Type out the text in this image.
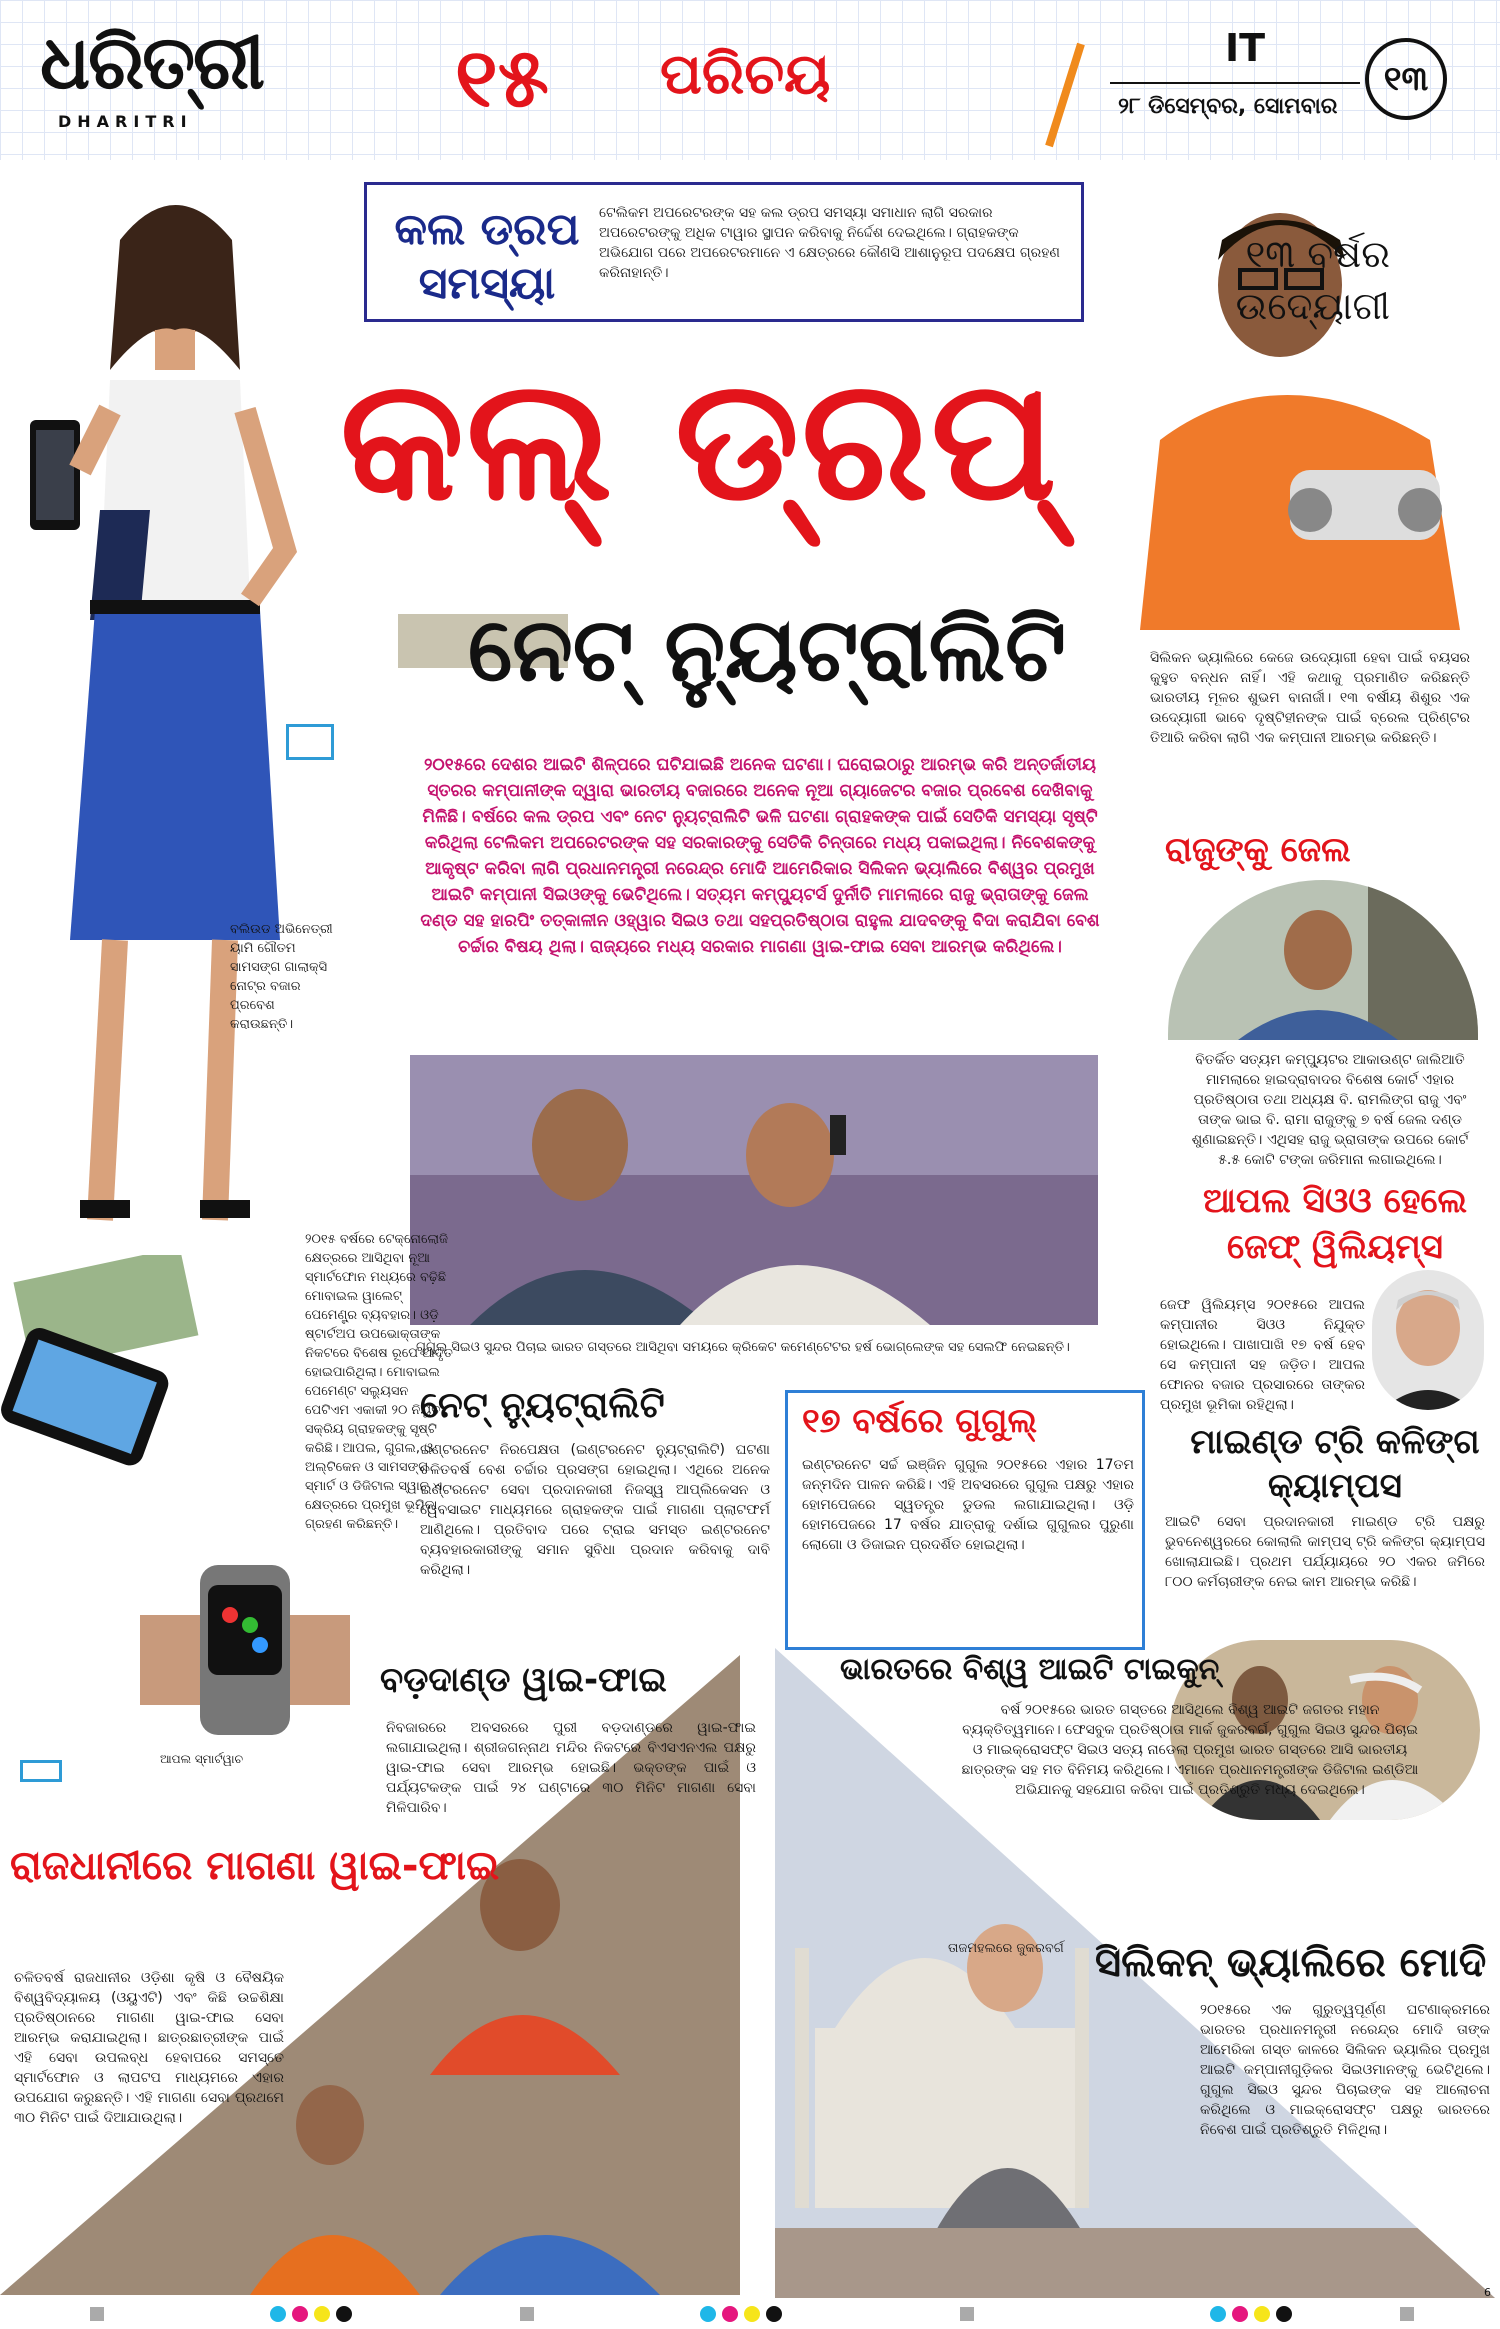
ଧରିତ୍ରୀ
DHARITRI	୧୫ ପରିଚୟ	IT
୨୮ ଡିସେମ୍ବର, ସୋମବାର
୧୩
କଲ ଡ୍ରପ ସମସ୍ୟା
ଟେଲିକମ ଅପରେଟରଙ୍କ ସହ କଲ ଡ୍ରପ ସମସ୍ୟା ସମାଧାନ ଲାଗି ସରକାର ଅପରେଟରଙ୍କୁ ଅଧିକ ଟାୱାର ସ୍ଥାପନ କରିବାକୁ ନିର୍ଦ୍ଦେଶ ଦେଇଥିଲେ। ଗ୍ରାହକଙ୍କ ଅଭିଯୋଗ ପରେ ଅପରେଟରମାନେ ଏ କ୍ଷେତ୍ରରେ କୌଣସି ଆଶାନୁରୂପ ପଦକ୍ଷେପ ଗ୍ରହଣ କରିନାହାନ୍ତି।
ବଲିଉଡ ଅଭିନେତ୍ରୀ ୟାମି ଗୌତମ ସାମସଙ୍ଗ ଗାଲାକ୍ସି ନୋଟ୍‌ର ବଜାର ପ୍ରବେଶ କରାଉଛନ୍ତି।
କଲ୍ ଡ୍ରପ୍
ନେଟ୍ ନ୍ୟୁଟ୍ରାଲିଟି
୨୦୧୫ରେ ଦେଶର ଆଇଟି ଶିଳ୍ପରେ ଘଟିଯାଇଛି ଅନେକ ଘଟଣା। ଘରୋଇଠାରୁ ଆରମ୍ଭ କରି ଅନ୍ତର୍ଜାତୀୟ ସ୍ତରର କମ୍ପାନୀଙ୍କ ଦ୍ୱାରା ଭାରତୀୟ ବଜାରରେ ଅନେକ ନୂଆ ଗ୍ୟାଜେଟର ବଜାର ପ୍ରବେଶ ଦେଖିବାକୁ ମିଳିଛି। ବର୍ଷରେ କଲ ଡ୍ରପ ଏବଂ ନେଟ ନ୍ୟୁଟ୍ରାଲିଟି ଭଳି ଘଟଣା ଗ୍ରାହକଙ୍କ ପାଇଁ ସେତିକି ସମସ୍ୟା ସୃଷ୍ଟି କରିଥିଲା ଟେଲିକମ ଅପରେଟରଙ୍କ ସହ ସରକାରଙ୍କୁ ସେତିକି ଚିନ୍ତାରେ ମଧ୍ୟ ପକାଇଥିଲା। ନିବେଶକଙ୍କୁ ଆକୃଷ୍ଟ କରିବା ଲାଗି ପ୍ରଧାନମନ୍ତ୍ରୀ ନରେନ୍ଦ୍ର ମୋଦି ଆମେରିକାର ସିଲିକନ ଭ୍ୟାଲିରେ ବିଶ୍ୱର ପ୍ରମୁଖ ଆଇଟି କମ୍ପାନୀ ସିଇଓଙ୍କୁ ଭେଟିଥିଲେ। ସତ୍ୟମ କମ୍ପ୍ୟୁଟର୍ସ ଦୁର୍ନୀତି ମାମଲାରେ ରାଜୁ ଭ୍ରାତାଙ୍କୁ ଜେଲ ଦଣ୍ଡ ସହ ହାରପିଂ ତତ୍କାଳୀନ ଓହ୍ୱାର ସିଇଓ ତଥା ସହପ୍ରତିଷ୍ଠାତା ରାହୁଲ ଯାଦବଙ୍କୁ ବିଦା କରାଯିବା ବେଶ ଚର୍ଚ୍ଚାର ବିଷୟ ଥିଲା। ରାଜ୍ୟରେ ମଧ୍ୟ ସରକାର ମାଗଣା ୱାଇ-ଫାଇ ସେବା ଆରମ୍ଭ କରିଥିଲେ।
୧୩ ବର୍ଷର ଉଦ୍ୟୋଗୀ
ସିଲିକନ ଭ୍ୟାଲିରେ କେଜେ ଉଦ୍ୟୋଗୀ ହେବା ପାଇଁ ବୟସର କୁହୁତ ବନ୍ଧନ ନାହିଁ। ଏହି କଥାକୁ ପ୍ରମାଣିତ କରିଛନ୍ତି ଭାରତୀୟ ମୂଳର ଶୁଭମ ବାନାର୍ଜୀ। ୧୩ ବର୍ଷୀୟ ଶିଶୁର ଏକ ଉଦ୍ୟୋଗୀ ଭାବେ ଦୃଷ୍ଟିହୀନଙ୍କ ପାଇଁ ବ୍ରେଲ ପ୍ରିଣ୍ଟର ତିଆରି କରିବା ଲାଗି ଏକ କମ୍ପାନୀ ଆରମ୍ଭ କରିଛନ୍ତି।
ରାଜୁଙ୍କୁ ଜେଲ
ବିତର୍କିତ ସତ୍ୟମ କମ୍ପ୍ୟୁଟର ଆକାଉଣ୍ଟ ଜାଲିଆତି ମାମଲାରେ ହାଇଦ୍ରାବାଦର ବିଶେଷ କୋର୍ଟ ଏହାର ପ୍ରତିଷ୍ଠାତା ତଥା ଅଧ୍ୟକ୍ଷ ବି. ରାମଲିଙ୍ଗ ରାଜୁ ଏବଂ ତାଙ୍କ ଭାଇ ବି. ରାମା ରାଜୁଙ୍କୁ ୭ ବର୍ଷ ଜେଲ ଦଣ୍ଡ ଶୁଣାଇଛନ୍ତି। ଏଥିସହ ରାଜୁ ଭ୍ରାତାଙ୍କ ଉପରେ କୋର୍ଟ ୫.୫ କୋଟି ଟଙ୍କା ଜରିମାନା ଲଗାଇଥିଲେ।
ଆପଲ ସିଓଓ ହେଲେ ଜେଫ୍ ୱିଲିୟମ୍ସ
ଜେଫ ୱିଲିୟମ୍ସ ୨୦୧୫ରେ ଆପଲ କମ୍ପାନୀର ସିଓଓ ନିଯୁକ୍ତ ହୋଇଥିଲେ। ପାଖାପାଖି ୧୭ ବର୍ଷ ହେବ ସେ କମ୍ପାନୀ ସହ ଜଡ଼ିତ। ଆପଲ ଫୋନର ବଜାର ପ୍ରସାରରେ ତାଙ୍କର ପ୍ରମୁଖ ଭୂମିକା ରହିଥିଲା।
ମାଇଣ୍ଡ ଟ୍ରି କଳିଙ୍ଗ କ୍ୟାମ୍ପସ
ଆଇଟି ସେବା ପ୍ରଦାନକାରୀ ମାଇଣ୍ଡ ଟ୍ରି ପକ୍ଷରୁ ଭୁବନେଶ୍ୱରରେ କୋଲାଲି କାମ୍ପସ୍ ଟ୍ରି କଳିଙ୍ଗ କ୍ୟାମ୍ପସ ଖୋଲାଯାଇଛି। ପ୍ରଥମ ପର୍ଯ୍ୟାୟରେ ୨୦ ଏକର ଜମିରେ ୮୦୦ କର୍ମଚାରୀଙ୍କ ନେଇ କାମ ଆରମ୍ଭ କରିଛି।
ଗୁଗୁଲ ସିଇଓ ସୁନ୍ଦର ପିଚାଇ ଭାରତ ଗସ୍ତରେ ଆସିଥିବା ସମୟରେ କ୍ରିକେଟ କମେଣ୍ଟେଟର ହର୍ଷ ଭୋଗ୍ଲେଙ୍କ ସହ ସେଲଫି ନେଇଛନ୍ତି।
୨୦୧୫ ବର୍ଷରେ ଟେକ୍ନୋଲୋଜି କ୍ଷେତ୍ରରେ ଆସିଥିବା ନୂଆ ସ୍ମାର୍ଟଫୋନ ମଧ୍ୟରେ ବଢ଼ିଛି ମୋବାଇଲ ୱାଲେଟ୍ ପେମେଣ୍ଟ୍ର ବ୍ୟବହାର। ଓଡ଼ି ଷ୍ଟାର୍ଟଅପ ଉପଭୋକ୍ତାଙ୍କ ନିକଟରେ ବିଶେଷ ରୂପେ ଆଦୃତ ହୋଇପାରିଥିଲା। ମୋବାଇଲ ପେମେଣ୍ଟ ସଲ୍ୟୁସନ ପେଟିଏମ ଏକାକୀ ୨୦ ନିୟୁତ ସକ୍ରିୟ ଗ୍ରାହକଙ୍କୁ ସୃଷ୍ଟି କରିଛି। ଆପଲ, ଗୁଗଲ, ଓ ଅଲ୍ଟିକେନ ଓ ସାମସଙ୍ଗ ସ୍ମାର୍ଟ ଓ ଡିଜିଟାଲ ସ୍ୱାଚ ଏ କ୍ଷେତ୍ରରେ ପ୍ରମୁଖ ଭୂମିକା ଗ୍ରହଣ କରିଛନ୍ତି।
ଆପଲ ସ୍ମାର୍ଟୱାଚ
ନେଟ୍ ନ୍ୟୁଟ୍ରାଲିଟି
ଇଣ୍ଟରନେଟ ନିରପେକ୍ଷତା (ଇଣ୍ଟରନେଟ ନ୍ୟୁଟ୍ରାଲିଟି) ଘଟଣା ଚଳିତବର୍ଷ ବେଶ ଚର୍ଚ୍ଚାର ପ୍ରସଙ୍ଗ ହୋଇଥିଲା। ଏଥିରେ ଅନେକ ଇଣ୍ଟରନେଟ ସେବା ପ୍ରଦାନକାରୀ ନିଜସ୍ୱ ଆପ୍ଲିକେସନ ଓ ୱେବସାଇଟ ମାଧ୍ୟମରେ ଗ୍ରାହକଙ୍କ ପାଇଁ ମାଗଣା ପ୍ଲାଟଫର୍ମ ଆଣିଥିଲେ। ପ୍ରତିବାଦ ପରେ ଟ୍ରାଇ ସମସ୍ତ ଇଣ୍ଟରନେଟ ବ୍ୟବହାରକାରୀଙ୍କୁ ସମାନ ସୁବିଧା ପ୍ରଦାନ କରିବାକୁ ଦାବି କରିଥିଲା।
୧୭ ବର୍ଷରେ ଗୁଗୁଲ୍
ଇଣ୍ଟରନେଟ ସର୍ଚ୍ଚ ଇଞ୍ଜିନ ଗୁଗୁଲ ୨୦୧୫ରେ ଏହାର 17ତମ ଜନ୍ମଦିନ ପାଳନ କରିଛି। ଏହି ଅବସରରେ ଗୁଗୁଲ ପକ୍ଷରୁ ଏହାର ହୋମପେଜରେ ସ୍ୱତନ୍ତ୍ର ଡୁଡଲ ଲଗାଯାଇଥିଲା। ଓଡ଼ି ହୋମପେଜରେ 17 ବର୍ଷର ଯାତ୍ରାକୁ ଦର୍ଶାଇ ଗୁଗୁଲର ପୁରୁଣା ଲୋଗୋ ଓ ଡିଜାଇନ ପ୍ରଦର୍ଶିତ ହୋଇଥିଲା।
ବଡ଼ଦାଣ୍ଡ ୱାଇ-ଫାଇ
ନିବଜାରରେ ଅବସରରେ ପୁରୀ ବଡ଼ଦାଣ୍ଡରେ ୱାଇ-ଫାଇ ଲଗାଯାଇଥିଲା। ଶ୍ରୀଜଗନ୍ନାଥ ମନ୍ଦିର ନିକଟରେ ବିଏସଏନଏଲ ପକ୍ଷରୁ ୱାଇ-ଫାଇ ସେବା ଆରମ୍ଭ ହୋଇଛି। ଭକ୍ତଙ୍କ ପାଇଁ ଓ ପର୍ଯ୍ୟଟକଙ୍କ ପାଇଁ ୨୪ ଘଣ୍ଟାରେ ୩୦ ମିନିଟ ମାଗଣା ସେବା ମିଳିପାରିବ।
ରାଜଧାନୀରେ ମାଗଣା ୱାଇ-ଫାଇ
ଚଳିତବର୍ଷ ରାଜଧାନୀର ଓଡ଼ିଶା କୃଷି ଓ ବୈଷୟିକ ବିଶ୍ୱବିଦ୍ୟାଳୟ (ଓୟୁଏଟି) ଏବଂ କିଛି ଉଚ୍ଚଶିକ୍ଷା ପ୍ରତିଷ୍ଠାନରେ ମାଗଣା ୱାଇ-ଫାଇ ସେବା ଆରମ୍ଭ କରାଯାଇଥିଲା। ଛାତ୍ରଛାତ୍ରୀଙ୍କ ପାଇଁ ଏହି ସେବା ଉପଲବ୍ଧ ହେବାପରେ ସମସ୍ତେ ସ୍ମାର୍ଟଫୋନ ଓ ଲାପଟପ ମାଧ୍ୟମରେ ଏହାର ଉପଯୋଗ କରୁଛନ୍ତି। ଏହି ମାଗଣା ସେବା ପ୍ରଥମେ ୩୦ ମିନିଟ ପାଇଁ ଦିଆଯାଉଥିଲା।
ଭାରତରେ ବିଶ୍ୱ ଆଇଟି ଟାଇକୁନ୍
ବର୍ଷ ୨୦୧୫ରେ ଭାରତ ଗସ୍ତରେ ଆସିଥିଲେ ବିଶ୍ୱ ଆଇଟି ଜଗତର ମହାନ ବ୍ୟକ୍ତିତ୍ୱମାନେ। ଫେସବୁକ ପ୍ରତିଷ୍ଠାତା ମାର୍କ ଜୁକରବର୍ଗ, ଗୁଗୁଲ ସିଇଓ ସୁନ୍ଦର ପିଚାଇ ଓ ମାଇକ୍ରୋସଫ୍ଟ ସିଇଓ ସତ୍ୟ ନାଡେଲା ପ୍ରମୁଖ ଭାରତ ଗସ୍ତରେ ଆସି ଭାରତୀୟ ଛାତ୍ରଙ୍କ ସହ ମତ ବିନିମୟ କରିଥିଲେ। ଏମାନେ ପ୍ରଧାନମନ୍ତ୍ରୀଙ୍କ ଡିଜିଟାଲ ଇଣ୍ଡିଆ ଅଭିଯାନକୁ ସହଯୋଗ କରିବା ପାଇଁ ପ୍ରତିଶ୍ରୁତି ମଧ୍ୟ ଦେଇଥିଲେ।
ତାଜମହଲରେ ଜୁକରବର୍ଗ ସିଲିକନ୍ ଭ୍ୟାଲିରେ ମୋଦି
୨୦୧୫ରେ ଏକ ଗୁରୁତ୍ୱପୂର୍ଣ୍ଣ ଘଟଣାକ୍ରମରେ ଭାରତର ପ୍ରଧାନମନ୍ତ୍ରୀ ନରେନ୍ଦ୍ର ମୋଦି ତାଙ୍କ ଆମେରିକା ଗସ୍ତ କାଳରେ ସିଲିକନ ଭ୍ୟାଲିର ପ୍ରମୁଖ ଆଇଟି କମ୍ପାନୀଗୁଡ଼ିକର ସିଇଓମାନଙ୍କୁ ଭେଟିଥିଲେ। ଗୁଗୁଲ ସିଇଓ ସୁନ୍ଦର ପିଚାଇଙ୍କ ସହ ଆଲୋଚନା କରିଥିଲେ ଓ ମାଇକ୍ରୋସଫ୍ଟ ପକ୍ଷରୁ ଭାରତରେ ନିବେଶ ପାଇଁ ପ୍ରତିଶ୍ରୁତି ମିଳିଥିଲା।
6
